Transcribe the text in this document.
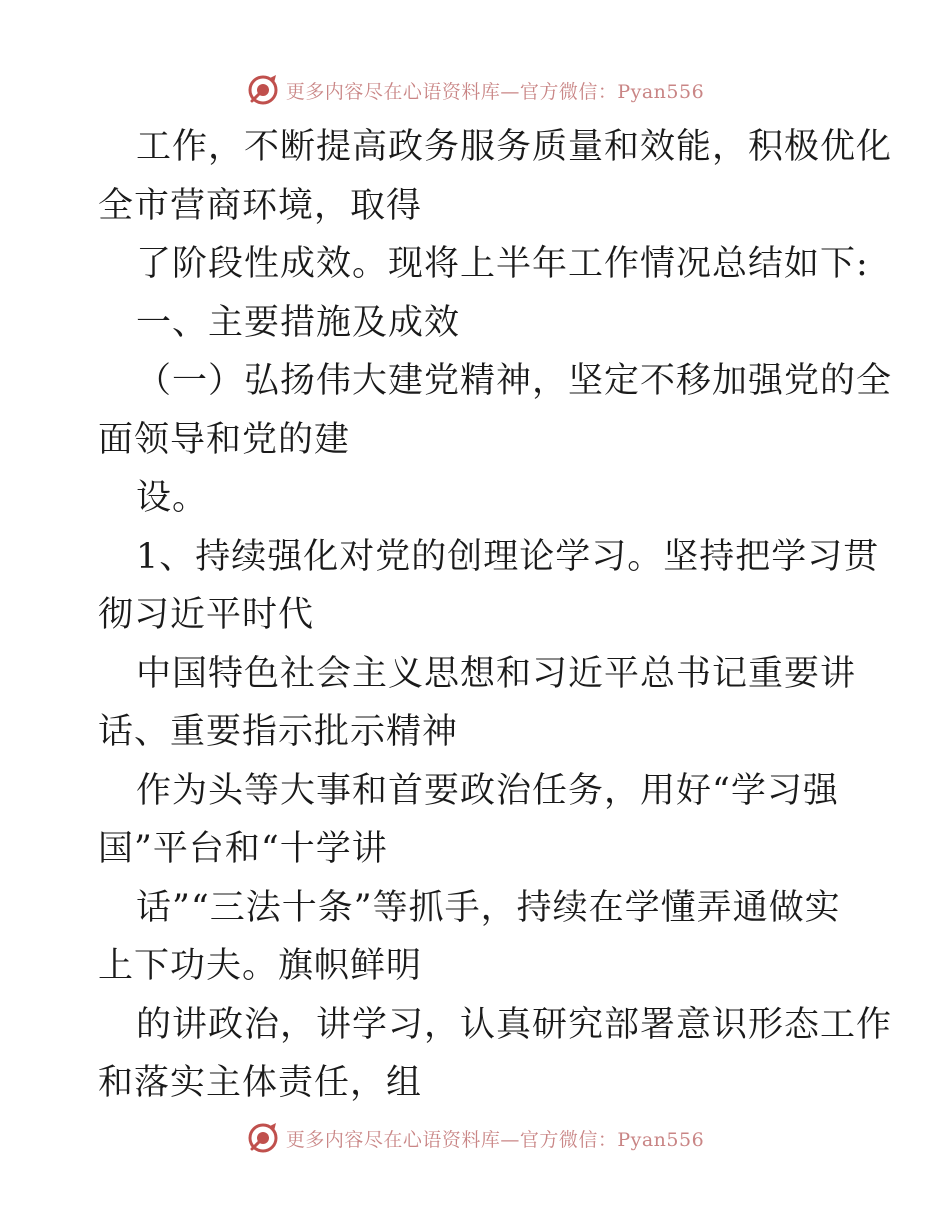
更多内容尽在心语资料库—官方微信：Pyan556
工作，不断提高政务服务质量和效能，积极优化
全市营商环境，取得
了阶段性成效。现将上半年工作情况总结如下:
一、主要措施及成效
（一）弘扬伟大建党精神，坚定不移加强党的全
面领导和党的建
设。
1、持续强化对党的创理论学习。坚持把学习贯
彻习近平时代
中国特色社会主义思想和习近平总书记重要讲
话、重要指示批示精神
作为头等大事和首要政治任务，用好“学习强
国”平台和“十学讲
话”“三法十条”等抓手，持续在学懂弄通做实
上下功夫。旗帜鲜明
的讲政治，讲学习，认真研究部署意识形态工作
和落实主体责任，组
更多内容尽在心语资料库—官方微信：Pyan556
